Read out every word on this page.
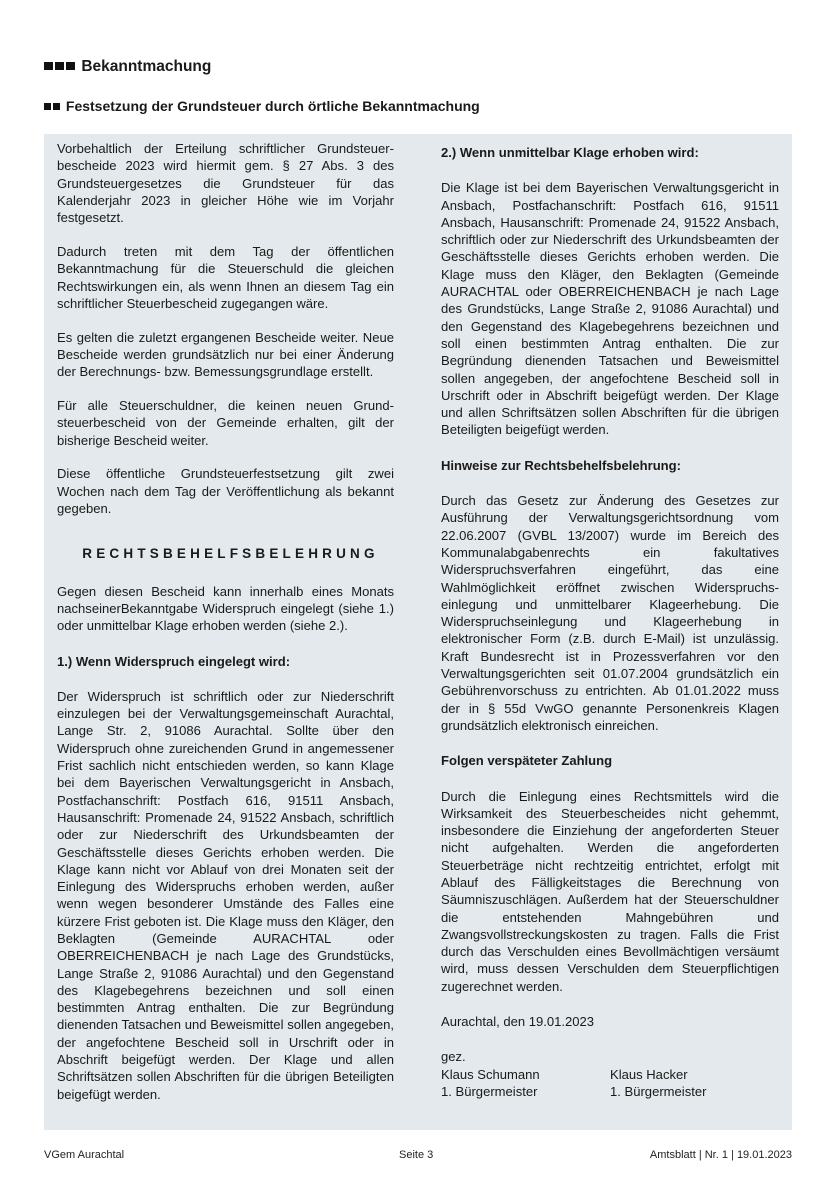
Bekanntmachung
Festsetzung der Grundsteuer durch örtliche Bekanntmachung

Vorbehaltlich der Erteilung schriftlicher Grundsteuer-bescheide 2023 wird hiermit gem. § 27 Abs. 3 des Grundsteuergesetzes die Grundsteuer für das Kalenderjahr 2023 in gleicher Höhe wie im Vorjahr festgesetzt.

Dadurch treten mit dem Tag der öffentlichen Bekanntmachung für die Steuerschuld die gleichen Rechtswirkungen ein, als wenn Ihnen an diesem Tag ein schriftlicher Steuerbescheid zugegangen wäre.

Es gelten die zuletzt ergangenen Bescheide weiter. Neue Bescheide werden grundsätzlich nur bei einer Änderung der Berechnungs- bzw. Bemessungsgrundlage erstellt.

Für alle Steuerschuldner, die keinen neuen Grund-steuerbescheid von der Gemeinde erhalten, gilt der bisherige Bescheid weiter.

Diese öffentliche Grundsteuerfestsetzung gilt zwei Wochen nach dem Tag der Veröffentlichung als bekannt gegeben.

RECHTSBEHELFSBELEHRUNG

Gegen diesen Bescheid kann innerhalb eines Monats nachseinerBekanntgabe Widerspruch eingelegt (siehe 1.) oder unmittelbar Klage erhoben werden (siehe 2.).

1.) Wenn Widerspruch eingelegt wird:

Der Widerspruch ist schriftlich oder zur Niederschrift einzulegen bei der Verwaltungsgemeinschaft Aurachtal, Lange Str. 2, 91086 Aurachtal. Sollte über den Widerspruch ohne zureichenden Grund in angemessener Frist sachlich nicht entschieden werden, so kann Klage bei dem Bayerischen Verwaltungsgericht in Ansbach, Postfachanschrift: Postfach 616, 91511 Ansbach, Hausanschrift: Promenade 24, 91522 Ansbach, schriftlich oder zur Niederschrift des Urkundsbeamten der Geschäftsstelle dieses Gerichts erhoben werden. Die Klage kann nicht vor Ablauf von drei Monaten seit der Einlegung des Widerspruchs erhoben werden, außer wenn wegen besonderer Umstände des Falles eine kürzere Frist geboten ist. Die Klage muss den Kläger, den Beklagten (Gemeinde AURACHTAL oder OBERREICHENBACH je nach Lage des Grundstücks, Lange Straße 2, 91086 Aurachtal) und den Gegenstand des Klagebegehrens bezeichnen und soll einen bestimmten Antrag enthalten. Die zur Begründung dienenden Tatsachen und Beweismittel sollen angegeben, der angefochtene Bescheid soll in Urschrift oder in Abschrift beigefügt werden. Der Klage und allen Schriftsätzen sollen Abschriften für die übrigen Beteiligten beigefügt werden.

2.) Wenn unmittelbar Klage erhoben wird:

Die Klage ist bei dem Bayerischen Verwaltungsgericht in Ansbach, Postfachanschrift: Postfach 616, 91511 Ansbach, Hausanschrift: Promenade 24, 91522 Ansbach, schriftlich oder zur Niederschrift des Urkundsbeamten der Geschäftsstelle dieses Gerichts erhoben werden. Die Klage muss den Kläger, den Beklagten (Gemeinde AURACHTAL oder OBERREICHENBACH je nach Lage des Grundstücks, Lange Straße 2, 91086 Aurachtal) und den Gegenstand des Klagebegehrens bezeichnen und soll einen bestimmten Antrag enthalten. Die zur Begründung dienenden Tatsachen und Beweismittel sollen angegeben, der angefochtene Bescheid soll in Urschrift oder in Abschrift beigefügt werden. Der Klage und allen Schriftsätzen sollen Abschriften für die übrigen Beteiligten beigefügt werden.

Hinweise zur Rechtsbehelfsbelehrung:

Durch das Gesetz zur Änderung des Gesetzes zur Ausführung der Verwaltungsgerichtsordnung vom 22.06.2007 (GVBL 13/2007) wurde im Bereich des Kommunalabgabenrechts ein fakultatives Widerspruchsverfahren eingeführt, das eine Wahlmöglichkeit eröffnet zwischen Widerspruchs-einlegung und unmittelbarer Klageerhebung. Die Widerspruchseinlegung und Klageerhebung in elektronischer Form (z.B. durch E-Mail) ist unzulässig. Kraft Bundesrecht ist in Prozessverfahren vor den Verwaltungsgerichten seit 01.07.2004 grundsätzlich ein Gebührenvorschuss zu entrichten. Ab 01.01.2022 muss der in § 55d VwGO genannte Personenkreis Klagen grundsätzlich elektronisch einreichen.

Folgen verspäteter Zahlung

Durch die Einlegung eines Rechtsmittels wird die Wirksamkeit des Steuerbescheides nicht gehemmt, insbesondere die Einziehung der angeforderten Steuer nicht aufgehalten. Werden die angeforderten Steuerbeträge nicht rechtzeitig entrichtet, erfolgt mit Ablauf des Fälligkeitstages die Berechnung von Säumniszuschlägen. Außerdem hat der Steuerschuldner die entstehenden Mahngebühren und Zwangsvollstreckungskosten zu tragen. Falls die Frist durch das Verschulden eines Bevollmächtigen versäumt wird, muss dessen Verschulden dem Steuerpflichtigen zugerechnet werden.

Aurachtal, den 19.01.2023

gez.

Klaus Schumann
1. Bürgermeister
Klaus Hacker
1. Bürgermeister
VGem Aurachtal	Seite 3	Amtsblatt | Nr. 1 | 19.01.2023
